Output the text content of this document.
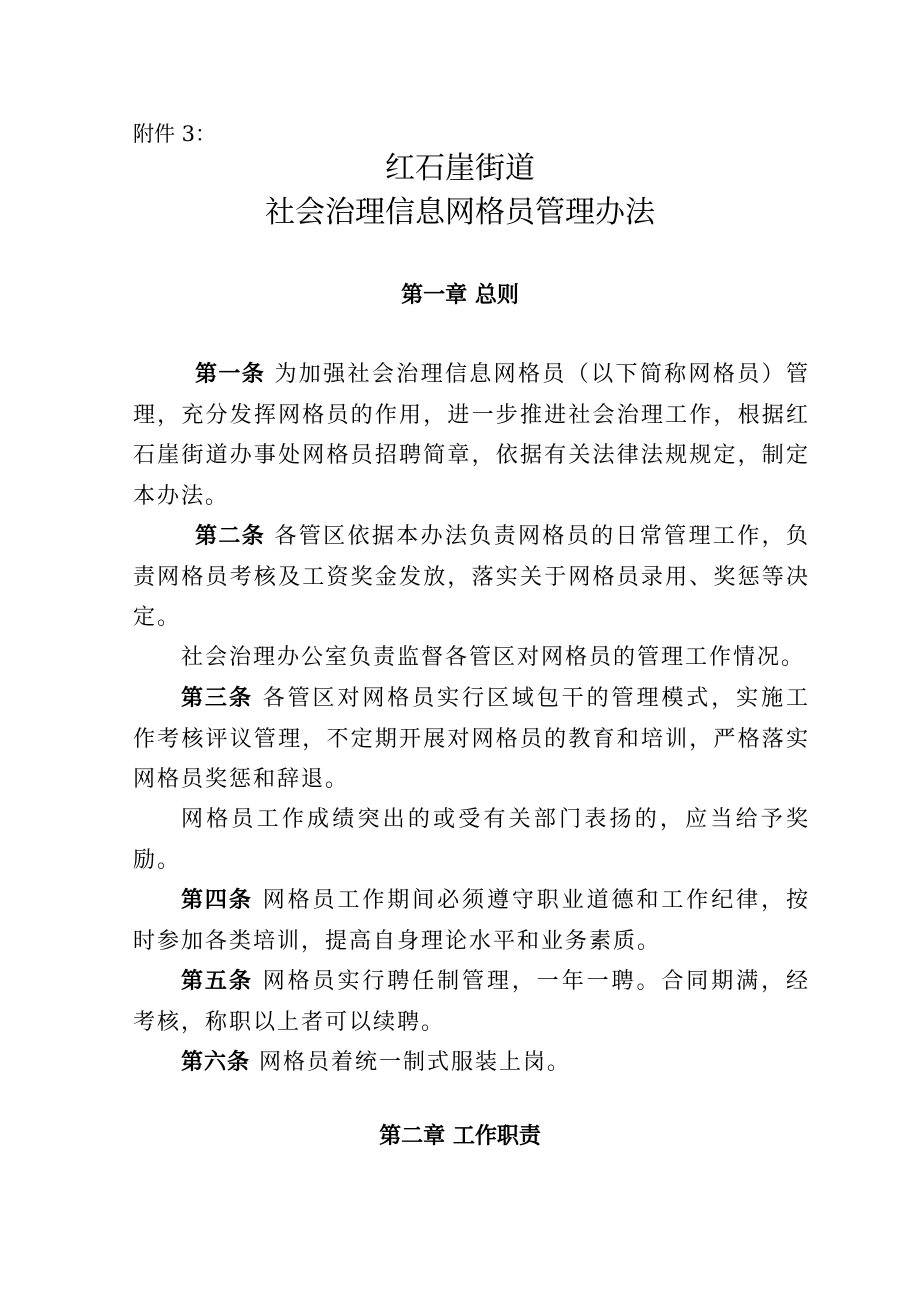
附件 3：
红石崖街道
社会治理信息网格员管理办法
第一章 总则
第一条 为加强社会治理信息网格员（以下简称网格员）管理，充分发挥网格员的作用，进一步推进社会治理工作，根据红石崖街道办事处网格员招聘简章，依据有关法律法规规定，制定本办法。
第二条 各管区依据本办法负责网格员的日常管理工作，负责网格员考核及工资奖金发放，落实关于网格员录用、奖惩等决定。
社会治理办公室负责监督各管区对网格员的管理工作情况。
第三条 各管区对网格员实行区域包干的管理模式，实施工作考核评议管理，不定期开展对网格员的教育和培训，严格落实网格员奖惩和辞退。
网格员工作成绩突出的或受有关部门表扬的，应当给予奖励。
第四条 网格员工作期间必须遵守职业道德和工作纪律，按时参加各类培训，提高自身理论水平和业务素质。
第五条 网格员实行聘任制管理，一年一聘。合同期满，经考核，称职以上者可以续聘。
第六条 网格员着统一制式服装上岗。
第二章 工作职责
